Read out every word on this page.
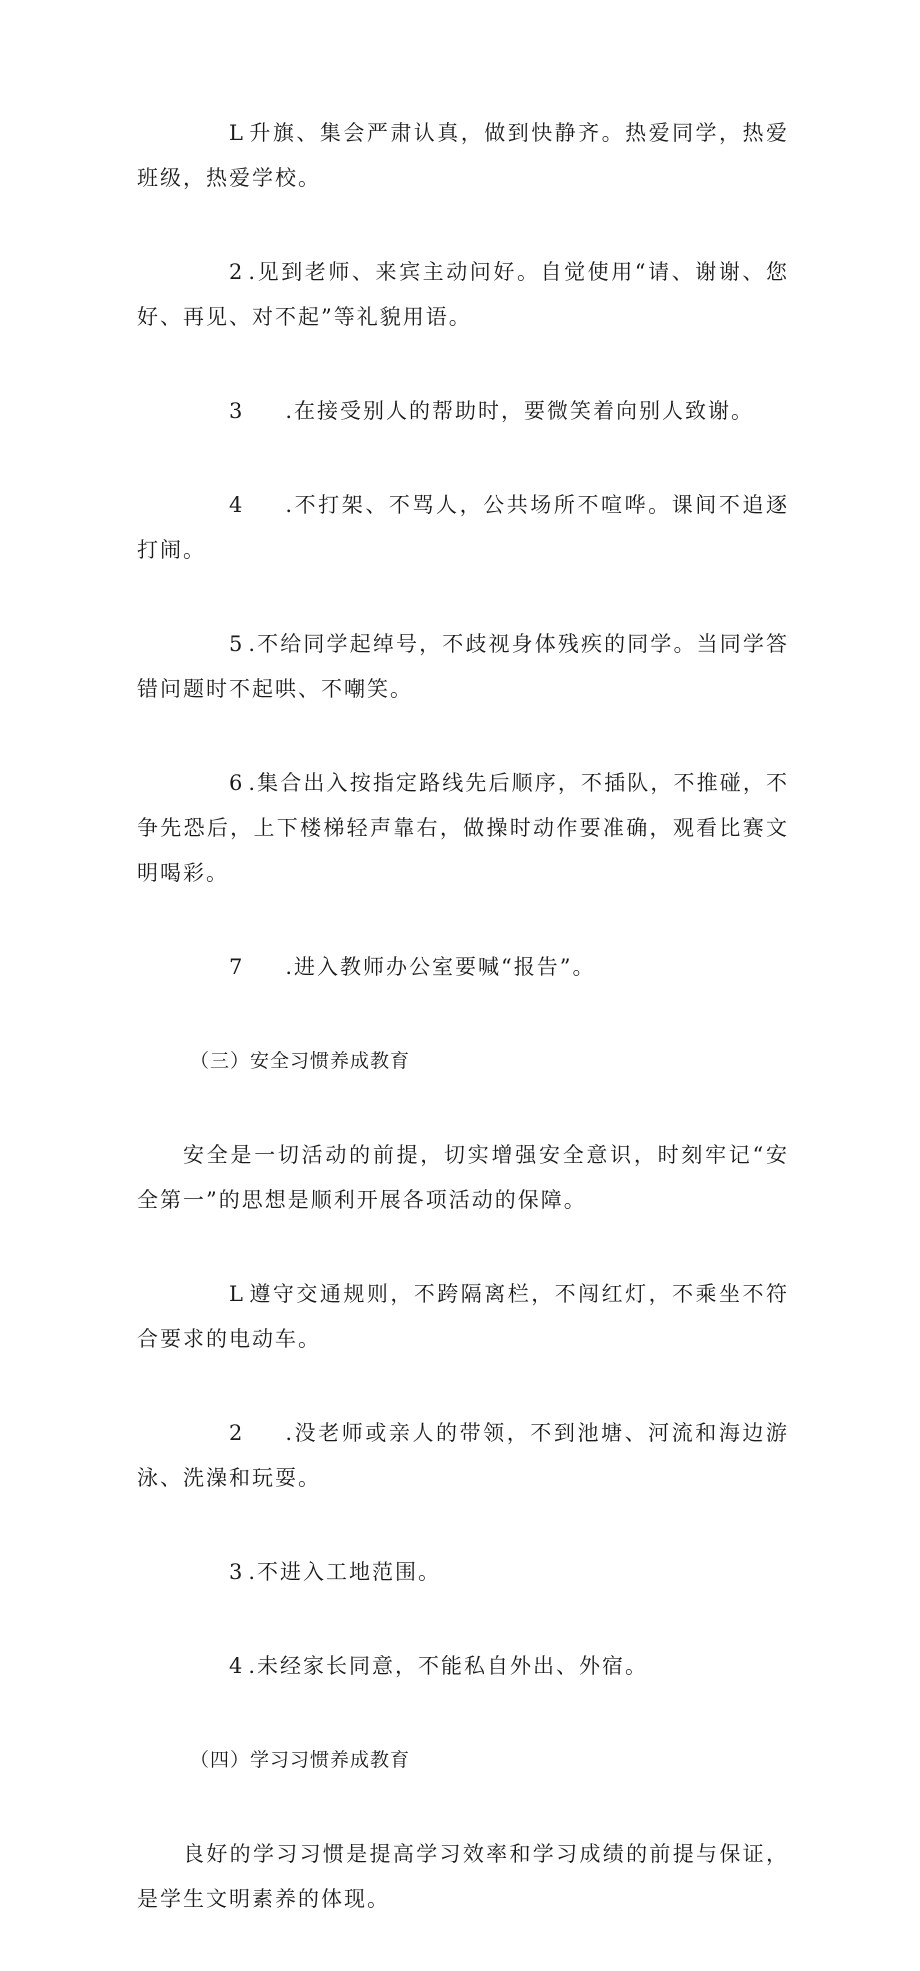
L 升旗、集会严肃认真，做到快静齐。热爱同学，热爱班级，热爱学校。

2 .见到老师、来宾主动问好。自觉使用“请、谢谢、您好、再见、对不起”等礼貌用语。

3 .在接受别人的帮助时，要微笑着向别人致谢。

4 .不打架、不骂人，公共场所不喧哗。课间不追逐打闹。

5 .不给同学起绰号，不歧视身体残疾的同学。当同学答错问题时不起哄、不嘲笑。

6 .集合出入按指定路线先后顺序，不插队，不推碰，不争先恐后，上下楼梯轻声靠右，做操时动作要准确，观看比赛文明喝彩。

7 .进入教师办公室要喊“报告”。

（三）安全习惯养成教育

安全是一切活动的前提，切实增强安全意识，时刻牢记“安全第一”的思想是顺利开展各项活动的保障。

L 遵守交通规则，不跨隔离栏，不闯红灯，不乘坐不符合要求的电动车。

2 .没老师或亲人的带领，不到池塘、河流和海边游泳、洗澡和玩耍。

3 .不进入工地范围。

4 .未经家长同意，不能私自外出、外宿。

（四）学习习惯养成教育

良好的学习习惯是提高学习效率和学习成绩的前提与保证，是学生文明素养的体现。
